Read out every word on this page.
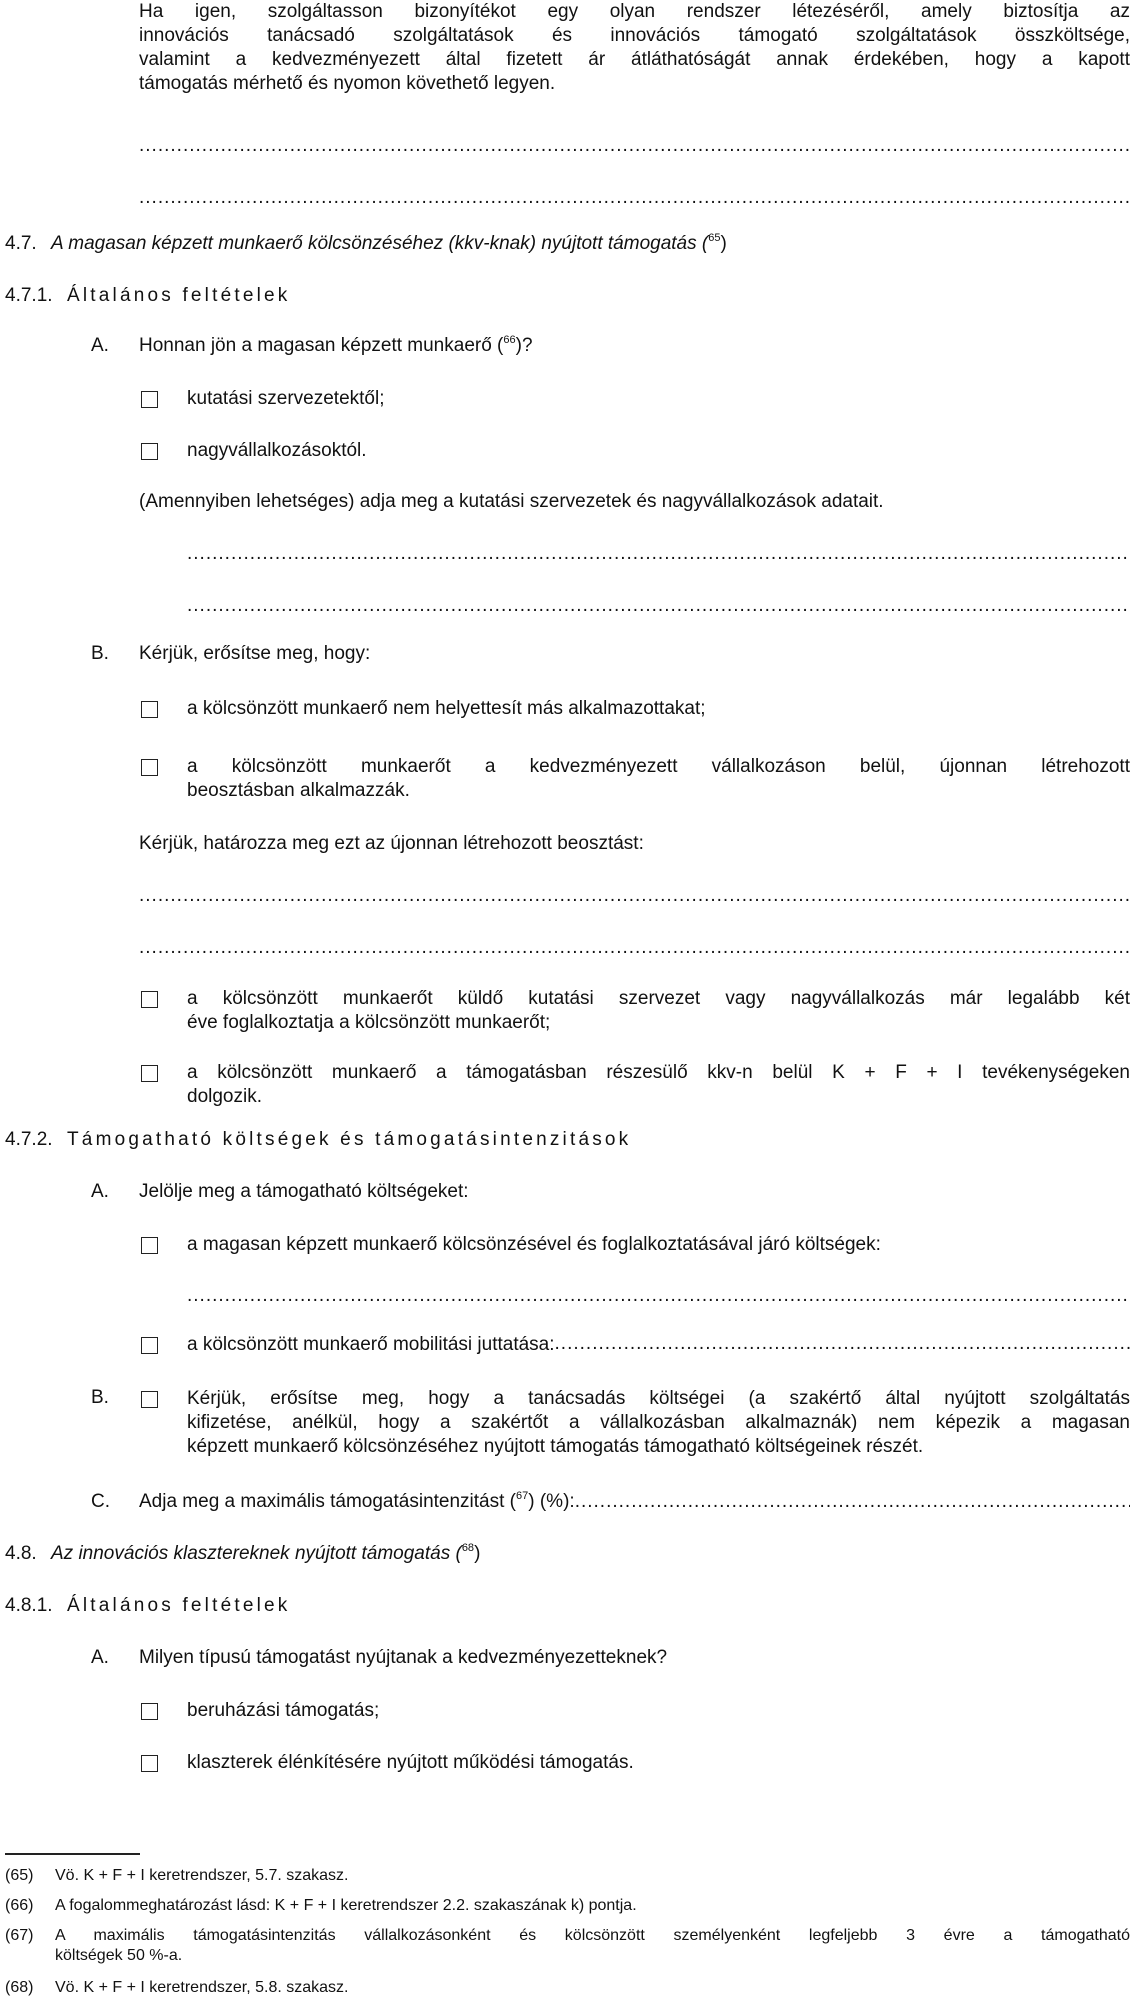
Ha igen, szolgáltasson bizonyítékot egy olyan rendszer létezéséről, amely biztosítja az
innovációs tanácsadó szolgáltatások és innovációs támogató szolgáltatások összköltsége,
valamint a kedvezményezett által fizetett ár átláthatóságát annak érdekében, hogy a kapott
támogatás mérhető és nyomon követhető legyen.
.....
.....
4.7. A magasan képzett munkaerő kölcsönzéséhez (kkv-knak) nyújtott támogatás ($^{65}$)
4.7.1. Általános feltételek
A. Honnan jön a magasan képzett munkaerő ($^{66}$)?
kutatási szervezetektől;
nagyvállalkozásoktól.
(Amennyiben lehetséges) adja meg a kutatási szervezetek és nagyvállalkozások adatait.
.....
.....
B. Kérjük, erősítse meg, hogy:
a kölcsönzött munkaerő nem helyettesít más alkalmazottakat;
a kölcsönzött munkaerőt a kedvezményezett vállalkozáson belül, újonnan létrehozott
beosztásban alkalmazzák.
Kérjük, határozza meg ezt az újonnan létrehozott beosztást:
.....
.....
a kölcsönzött munkaerőt küldő kutatási szervezet vagy nagyvállalkozás már legalább két
éve foglalkoztatja a kölcsönzött munkaerőt;
a kölcsönzött munkaerő a támogatásban részesülő kkv-n belül K + F + I tevékenységeken
dolgozik.
4.7.2. Támogatható költségek és támogatásintenzitások
A. Jelölje meg a támogatható költségeket:
a magasan képzett munkaerő kölcsönzésével és foglalkoztatásával járó költségek:
.....
a kölcsönzött munkaerő mobilitási juttatása:
.....
B.	Kérjük, erősítse meg, hogy a tanácsadás költségei (a szakértő által nyújtott szolgáltatás
kifizetése, anélkül, hogy a szakértőt a vállalkozásban alkalmaznák) nem képezik a magasan
képzett munkaerő kölcsönzéséhez nyújtott támogatás támogatható költségeinek részét.
C. Adja meg a maximális támogatásintenzitást ($^{67}$) (%):
.....
4.8. Az innovációs klasztereknek nyújtott támogatás ($^{68}$)
4.8.1. Általános feltételek
A. Milyen típusú támogatást nyújtanak a kedvezményezetteknek?
beruházási támogatás;
klaszterek élénkítésére nyújtott működési támogatás.
(65) Vö. K + F + I keretrendszer, 5.7. szakasz.
(66) A fogalommeghatározást lásd: K + F + I keretrendszer 2.2. szakaszának k) pontja.
(67) A maximális támogatásintenzitás vállalkozásonként és kölcsönzött személyenként legfeljebb 3 évre a támogatható
költségek 50 %-a.
(68) Vö. K + F + I keretrendszer, 5.8. szakasz.
